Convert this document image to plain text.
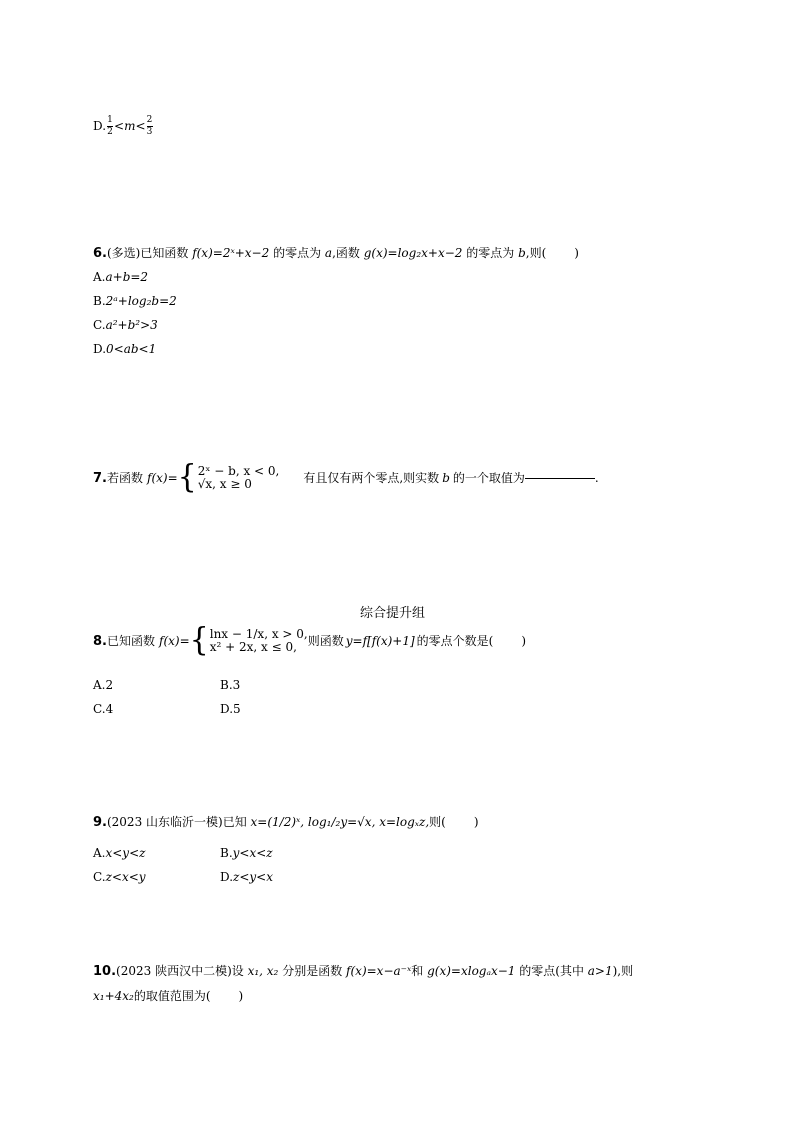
D. $\frac{1}{2} <m< \frac{2}{3}$
6.(多选)已知函数 f(x)=2ˣ+x−2 的零点为 a,函数 g(x)=log₂x+x−2 的零点为 b,则( )
A.a+b=2
B.2ᵃ+log₂b=2
C.a²+b²>3
D.0<ab<1
7. 若函数 f(x)= { 2ˣ − b, x < 0,
√x, x ≥ 0	有且仅有两个零点,则实数 b 的一个取值为	.
综合提升组
8. 已知函数 f(x)= { lnx − 1/x, x > 0,
x² + 2x, x ≤ 0, 则函数 y=f[f(x)+1] 的零点个数是( )
A.2	B.3
C.4	D.5
9.(2023 山东临沂一模)已知 x=(1/2)ˣ, log₁/₂y=√x, x=logₓz,则( )
A.x<y<z	B.y<x<z
C.z<x<y	D.z<y<x
10.(2023 陕西汉中二模)设 x₁, x₂ 分别是函数 f(x)=x−a⁻ˣ和 g(x)=xlogₐx−1 的零点(其中 a>1),则
x₁+4x₂的取值范围为( )
